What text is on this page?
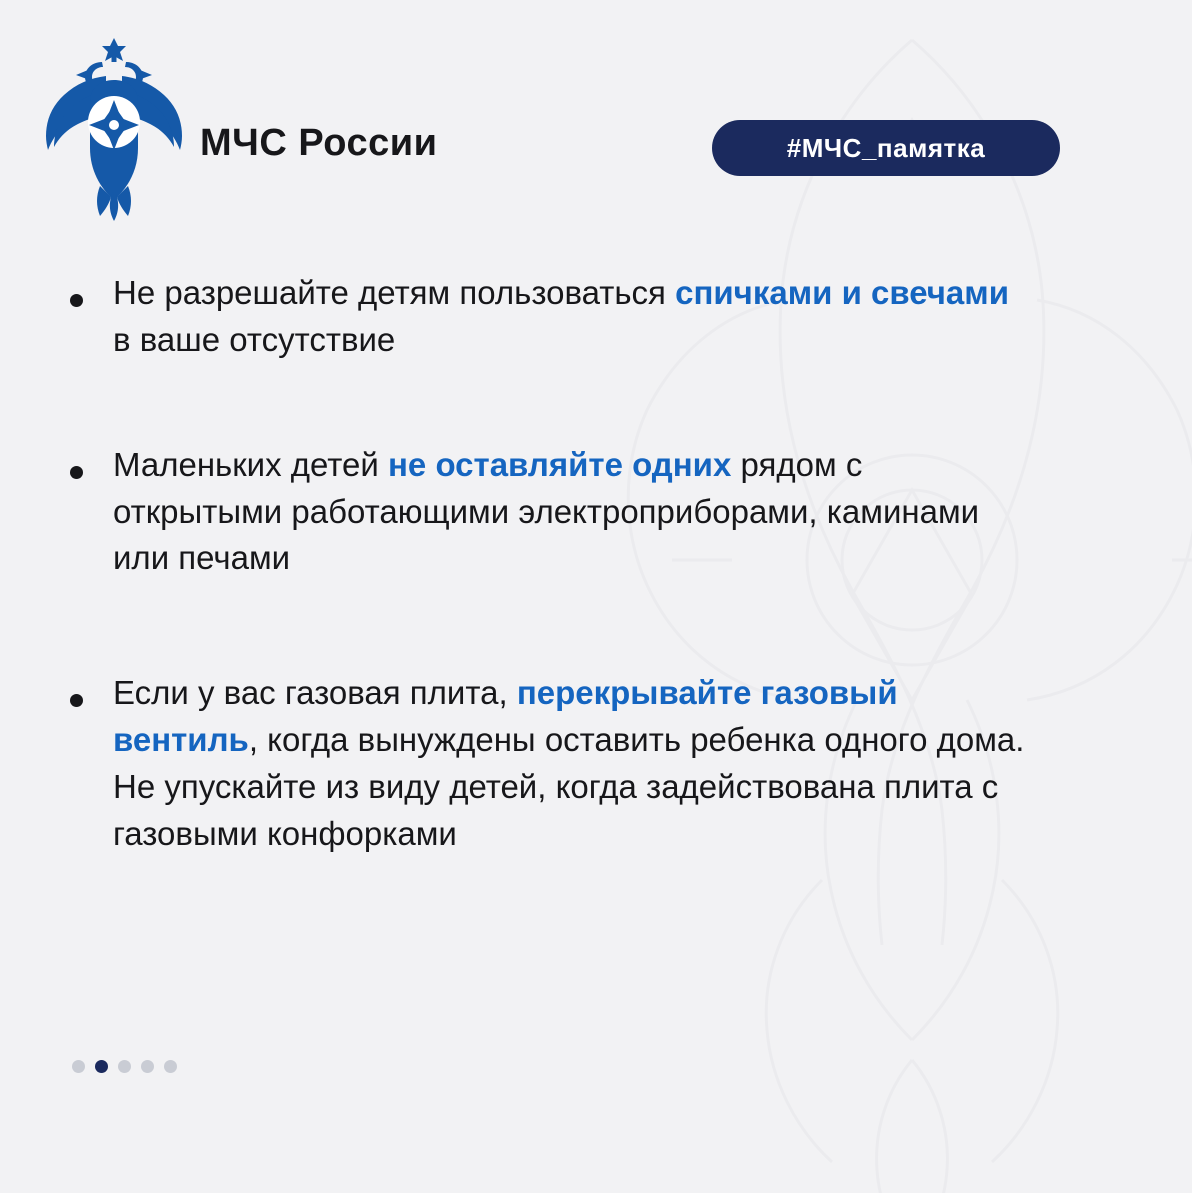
МЧС России	#МЧС_памятка
Не разрешайте детям пользоваться спичками и свечами в ваше отсутствие
Маленьких детей не оставляйте одних рядом с открытыми работающими электроприборами, каминами или печами
Если у вас газовая плита, перекрывайте газовый вентиль, когда вынуждены оставить ребенка одного дома. Не упускайте из виду детей, когда задействована плита с газовыми конфорками
